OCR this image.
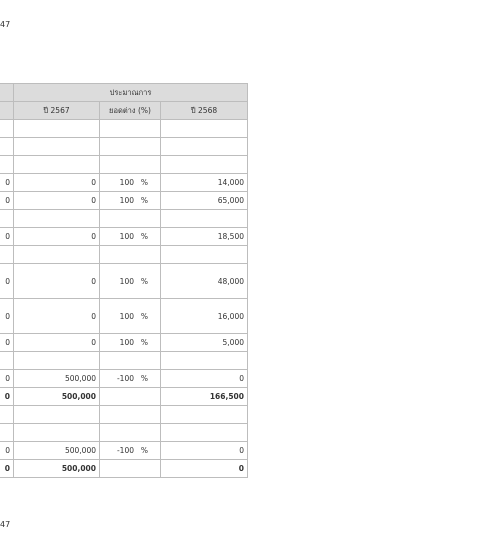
47
	ประมาณการ		
	ปี 2567	ยอดต่าง (%)	ปี 2568

0	0	100 %	14,000
0	0	100 %	65,000

0	0	100 %	18,500

0	0	100 %	48,000
0	0	100 %	16,000
0	0	100 %	5,000

0	500,000	-100 %	0
0	500,000		166,500

0	500,000	-100 %	0
0	500,000		0
47
